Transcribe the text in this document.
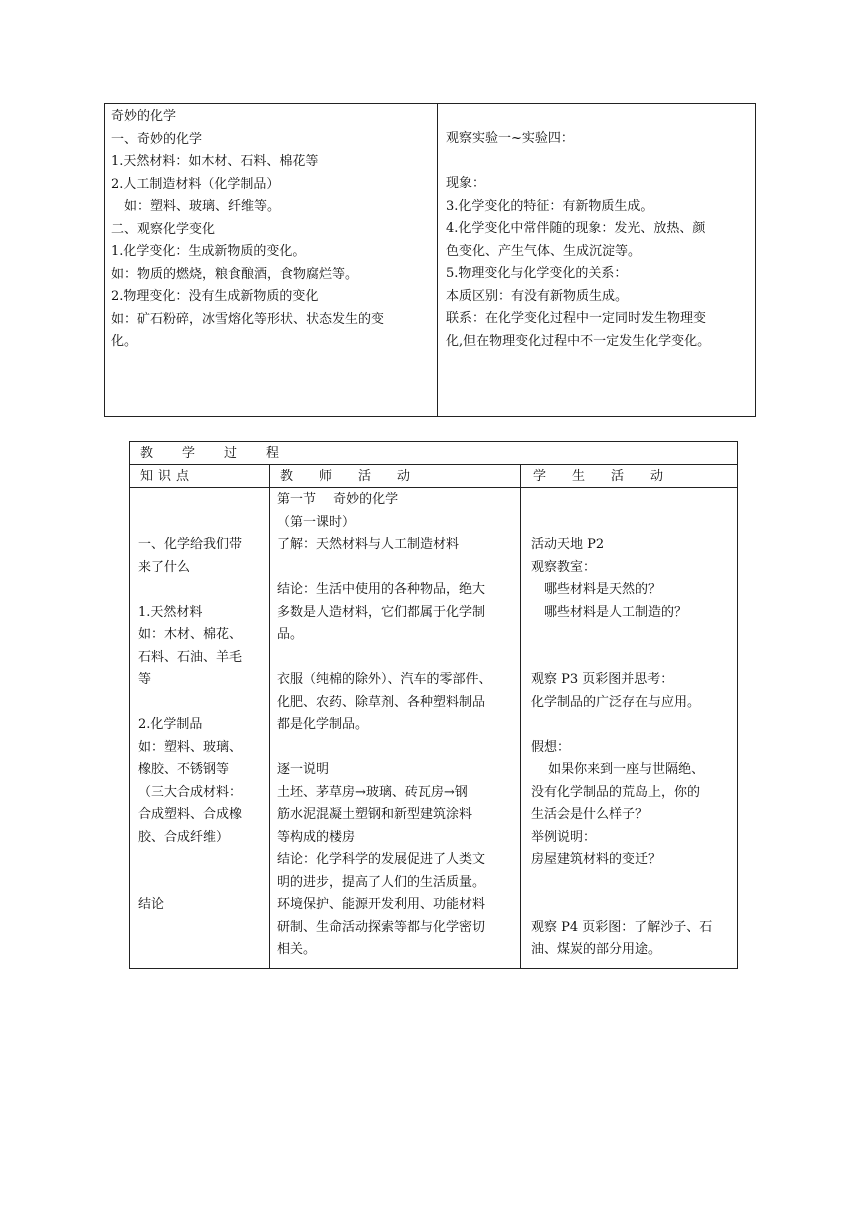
奇妙的化学
一、奇妙的化学
1.天然材料：如木材、石料、棉花等
2.人工制造材料（化学制品）
　如：塑料、玻璃、纤维等。
二、观察化学变化
1.化学变化：生成新物质的变化。
如：物质的燃烧，粮食酿酒，食物腐烂等。
2.物理变化：没有生成新物质的变化
如：矿石粉碎，冰雪熔化等形状、状态发生的变
化。
观察实验一~实验四：
现象：
3.化学变化的特征：有新物质生成。
4.化学变化中常伴随的现象：发光、放热、颜
色变化、产生气体、生成沉淀等。
5.物理变化与化学变化的关系：
本质区别：有没有新物质生成。
联系：在化学变化过程中一定同时发生物理变
化,但在物理变化过程中不一定发生化学变化。
教学过程
知识点	教师活动	学生活动
一、化学给我们带
来了什么
1.天然材料
如：木材、棉花、
石料、石油、羊毛
等
2.化学制品
如：塑料、玻璃、
橡胶、不锈钢等
（三大合成材料：
合成塑料、合成橡
胶、合成纤维）
结论
第一节　 奇妙的化学
（第一课时）
了解：天然材料与人工制造材料
结论：生活中使用的各种物品，绝大
多数是人造材料，它们都属于化学制
品。
衣服（纯棉的除外）、汽车的零部件、
化肥、农药、除草剂、各种塑料制品
都是化学制品。
逐一说明
土坯、茅草房→玻璃、砖瓦房→钢
筋水泥混凝土塑钢和新型建筑涂料
等构成的楼房
结论：化学科学的发展促进了人类文
明的进步，提高了人们的生活质量。
环境保护、能源开发利用、功能材料
研制、生命活动探索等都与化学密切
相关。
活动天地 P2
观察教室：
　哪些材料是天然的？
　哪些材料是人工制造的？
观察 P3 页彩图并思考：
化学制品的广泛存在与应用。
假想：
　 如果你来到一座与世隔绝、
没有化学制品的荒岛上，你的
生活会是什么样子？
举例说明：
房屋建筑材料的变迁？
观察 P4 页彩图：了解沙子、石
油、煤炭的部分用途。
